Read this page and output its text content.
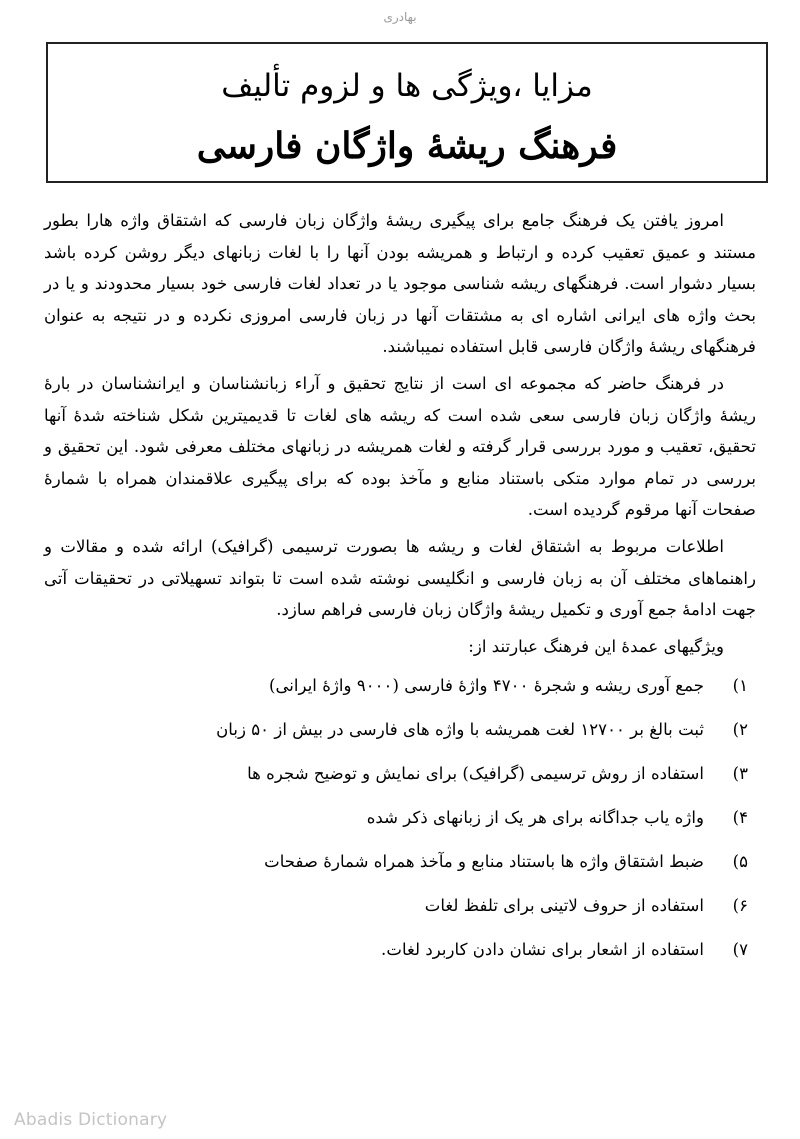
بهادری
مزایا ،ویژگی ها و لزوم تألیف
فرهنگ ریشۀ واژگان فارسی

امروز یافتن یک فرهنگ جامع برای پیگیری ریشۀ واژگان زبان فارسی که اشتقاق واژه هارا بطور مستند و عمیق تعقیب کرده و ارتباط و همریشه بودن آنها را با لغات زبانهای دیگر روشن کرده باشد بسیار دشوار است. فرهنگهای ریشه شناسی موجود یا در تعداد لغات فارسی خود بسیار محدودند و یا در بحث واژه های ایرانی اشاره ای به مشتقات آنها در زبان فارسی امروزی نکرده و در نتیجه به عنوان فرهنگهای ریشۀ واژگان فارسی قابل استفاده نمیباشند.

در فرهنگ حاضر که مجموعه ای است از نتایج تحقیق و آراء زبانشناسان و ایرانشناسان در بارۀ ریشۀ واژگان زبان فارسی سعی شده است که ریشه های لغات تا قدیمیترین شکل شناخته شدۀ آنها تحقیق، تعقیب و مورد بررسی قرار گرفته و لغات همریشه در زبانهای مختلف معرفی شود. این تحقیق و بررسی در تمام موارد متکی باستناد منابع و مآخذ بوده که برای پیگیری علاقمندان همراه با شمارۀ صفحات آنها مرقوم گردیده است.

اطلاعات مربوط به اشتقاق لغات و ریشه ها بصورت ترسیمی (گرافیک) ارائه شده و مقالات و راهنماهای مختلف آن به زبان فارسی و انگلیسی نوشته شده است تا بتواند تسهیلاتی در تحقیقات آتی جهت ادامۀ جمع آوری و تکمیل ریشۀ واژگان زبان فارسی فراهم سازد.

ویژگیهای عمدۀ این فرهنگ عبارتند از:
۱)جمع آوری ریشه و شجرۀ ۴۷۰۰ واژۀ فارسی (۹۰۰۰ واژۀ ایرانی)
۲)ثبت بالغ بر ۱۲۷۰۰ لغت همریشه با واژه های فارسی در بیش از ۵۰ زبان
۳)استفاده از روش ترسیمی (گرافیک) برای نمایش و توضیح شجره ها
۴)واژه یاب جداگانه برای هر یک از زبانهای ذکر شده
۵)ضبط اشتقاق واژه ها باستناد منابع و مآخذ همراه شمارۀ صفحات
۶)استفاده از حروف لاتینی برای تلفظ لغات
۷)استفاده از اشعار برای نشان دادن کاربرد لغات.
Abadis Dictionary
